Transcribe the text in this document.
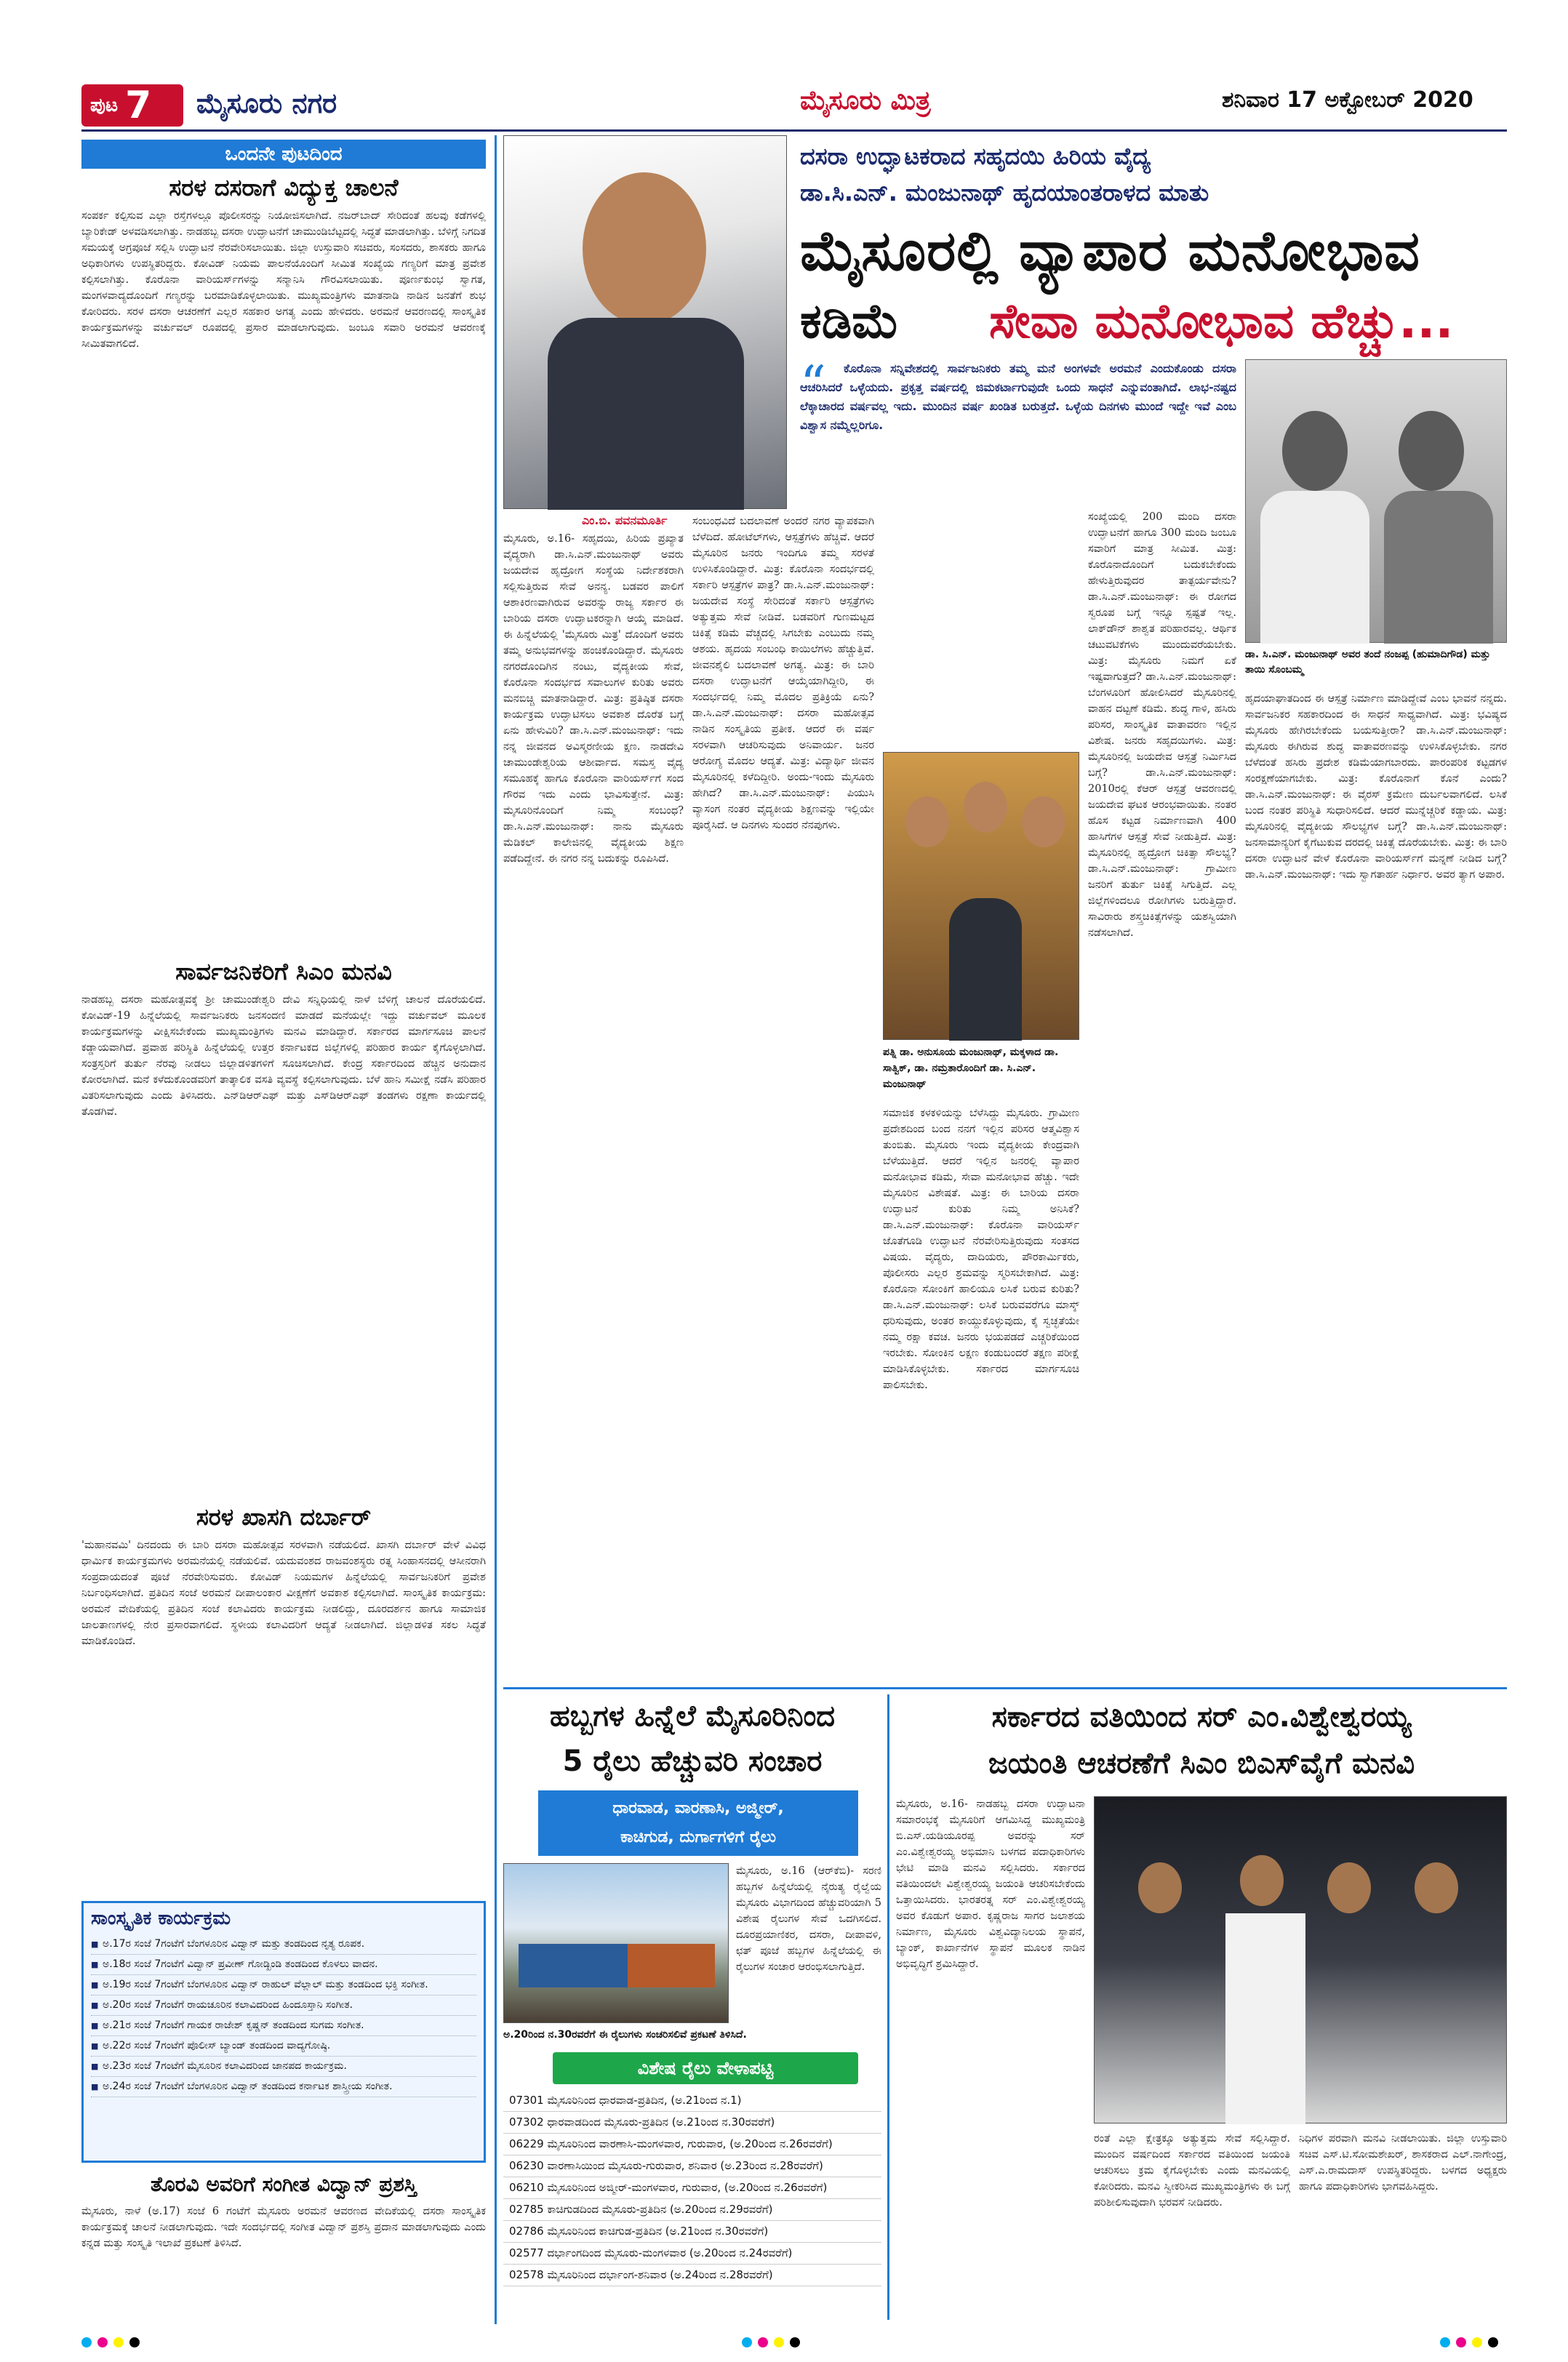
ಪುಟ 7 ಮೈಸೂರು ನಗರ	ಮೈಸೂರು ಮಿತ್ರ	ಶನಿವಾರ 17 ಅಕ್ಟೋಬರ್ 2020
ಒಂದನೇ ಪುಟದಿಂದ
ಸರಳ ದಸರಾಗೆ ವಿದ್ಯುಕ್ತ ಚಾಲನೆ
ಸಂಪರ್ಕ ಕಲ್ಪಿಸುವ ಎಲ್ಲಾ ರಸ್ತೆಗಳಲ್ಲೂ ಪೊಲೀಸರನ್ನು ನಿಯೋಜಿಸಲಾಗಿದೆ. ನಜರ್‌ಬಾದ್ ಸೇರಿದಂತೆ ಹಲವು ಕಡೆಗಳಲ್ಲಿ ಬ್ಯಾರಿಕೇಡ್ ಅಳವಡಿಸಲಾಗಿತ್ತು. ನಾಡಹಬ್ಬ ದಸರಾ ಉದ್ಘಾಟನೆಗೆ ಚಾಮುಂಡಿಬೆಟ್ಟದಲ್ಲಿ ಸಿದ್ಧತೆ ಮಾಡಲಾಗಿತ್ತು. ಬೆಳಿಗ್ಗೆ ನಿಗದಿತ ಸಮಯಕ್ಕೆ ಅಗ್ರಪೂಜೆ ಸಲ್ಲಿಸಿ ಉದ್ಘಾಟನೆ ನೆರವೇರಿಸಲಾಯಿತು. ಜಿಲ್ಲಾ ಉಸ್ತುವಾರಿ ಸಚಿವರು, ಸಂಸದರು, ಶಾಸಕರು ಹಾಗೂ ಅಧಿಕಾರಿಗಳು ಉಪಸ್ಥಿತರಿದ್ದರು. ಕೋವಿಡ್ ನಿಯಮ ಪಾಲನೆಯೊಂದಿಗೆ ಸೀಮಿತ ಸಂಖ್ಯೆಯ ಗಣ್ಯರಿಗೆ ಮಾತ್ರ ಪ್ರವೇಶ ಕಲ್ಪಿಸಲಾಗಿತ್ತು. ಕೊರೊನಾ ವಾರಿಯರ್ಸ್‌ಗಳನ್ನು ಸನ್ಮಾನಿಸಿ ಗೌರವಿಸಲಾಯಿತು. ಪೂರ್ಣಕುಂಭ ಸ್ವಾಗತ, ಮಂಗಳವಾದ್ಯದೊಂದಿಗೆ ಗಣ್ಯರನ್ನು ಬರಮಾಡಿಕೊಳ್ಳಲಾಯಿತು. ಮುಖ್ಯಮಂತ್ರಿಗಳು ಮಾತನಾಡಿ ನಾಡಿನ ಜನತೆಗೆ ಶುಭ ಕೋರಿದರು. ಸರಳ ದಸರಾ ಆಚರಣೆಗೆ ಎಲ್ಲರ ಸಹಕಾರ ಅಗತ್ಯ ಎಂದು ಹೇಳಿದರು. ಅರಮನೆ ಆವರಣದಲ್ಲಿ ಸಾಂಸ್ಕೃತಿಕ ಕಾರ್ಯಕ್ರಮಗಳನ್ನು ವರ್ಚುವಲ್ ರೂಪದಲ್ಲಿ ಪ್ರಸಾರ ಮಾಡಲಾಗುವುದು. ಜಂಬೂ ಸವಾರಿ ಅರಮನೆ ಆವರಣಕ್ಕೆ ಸೀಮಿತವಾಗಲಿದೆ.
ಸಾರ್ವಜನಿಕರಿಗೆ ಸಿಎಂ ಮನವಿ
ನಾಡಹಬ್ಬ ದಸರಾ ಮಹೋತ್ಸವಕ್ಕೆ ಶ್ರೀ ಚಾಮುಂಡೇಶ್ವರಿ ದೇವಿ ಸನ್ನಿಧಿಯಲ್ಲಿ ನಾಳೆ ಬೆಳಿಗ್ಗೆ ಚಾಲನೆ ದೊರೆಯಲಿದೆ. ಕೋವಿಡ್-19 ಹಿನ್ನೆಲೆಯಲ್ಲಿ ಸಾರ್ವಜನಿಕರು ಜನಸಂದಣಿ ಮಾಡದೆ ಮನೆಯಲ್ಲೇ ಇದ್ದು ವರ್ಚುವಲ್ ಮೂಲಕ ಕಾರ್ಯಕ್ರಮಗಳನ್ನು ವೀಕ್ಷಿಸಬೇಕೆಂದು ಮುಖ್ಯಮಂತ್ರಿಗಳು ಮನವಿ ಮಾಡಿದ್ದಾರೆ. ಸರ್ಕಾರದ ಮಾರ್ಗಸೂಚಿ ಪಾಲನೆ ಕಡ್ಡಾಯವಾಗಿದೆ. ಪ್ರವಾಹ ಪರಿಸ್ಥಿತಿ ಹಿನ್ನೆಲೆಯಲ್ಲಿ ಉತ್ತರ ಕರ್ನಾಟಕದ ಜಿಲ್ಲೆಗಳಲ್ಲಿ ಪರಿಹಾರ ಕಾರ್ಯ ಕೈಗೊಳ್ಳಲಾಗಿದೆ. ಸಂತ್ರಸ್ತರಿಗೆ ತುರ್ತು ನೆರವು ನೀಡಲು ಜಿಲ್ಲಾಡಳಿತಗಳಿಗೆ ಸೂಚಿಸಲಾಗಿದೆ. ಕೇಂದ್ರ ಸರ್ಕಾರದಿಂದ ಹೆಚ್ಚಿನ ಅನುದಾನ ಕೋರಲಾಗಿದೆ. ಮನೆ ಕಳೆದುಕೊಂಡವರಿಗೆ ತಾತ್ಕಾಲಿಕ ವಸತಿ ವ್ಯವಸ್ಥೆ ಕಲ್ಪಿಸಲಾಗುವುದು. ಬೆಳೆ ಹಾನಿ ಸಮೀಕ್ಷೆ ನಡೆಸಿ ಪರಿಹಾರ ವಿತರಿಸಲಾಗುವುದು ಎಂದು ತಿಳಿಸಿದರು. ಎನ್‌ಡಿಆರ್‌ಎಫ್ ಮತ್ತು ಎಸ್‌ಡಿಆರ್‌ಎಫ್ ತಂಡಗಳು ರಕ್ಷಣಾ ಕಾರ್ಯದಲ್ಲಿ ತೊಡಗಿವೆ.
ಸರಳ ಖಾಸಗಿ ದರ್ಬಾರ್
'ಮಹಾನವಮಿ' ದಿನದಂದು ಈ ಬಾರಿ ದಸರಾ ಮಹೋತ್ಸವ ಸರಳವಾಗಿ ನಡೆಯಲಿದೆ. ಖಾಸಗಿ ದರ್ಬಾರ್ ವೇಳೆ ವಿವಿಧ ಧಾರ್ಮಿಕ ಕಾರ್ಯಕ್ರಮಗಳು ಅರಮನೆಯಲ್ಲಿ ನಡೆಯಲಿವೆ. ಯದುವಂಶದ ರಾಜವಂಶಸ್ಥರು ರತ್ನ ಸಿಂಹಾಸನದಲ್ಲಿ ಆಸೀನರಾಗಿ ಸಂಪ್ರದಾಯದಂತೆ ಪೂಜೆ ನೆರವೇರಿಸುವರು. ಕೋವಿಡ್ ನಿಯಮಗಳ ಹಿನ್ನೆಲೆಯಲ್ಲಿ ಸಾರ್ವಜನಿಕರಿಗೆ ಪ್ರವೇಶ ನಿರ್ಬಂಧಿಸಲಾಗಿದೆ. ಪ್ರತಿದಿನ ಸಂಜೆ ಅರಮನೆ ದೀಪಾಲಂಕಾರ ವೀಕ್ಷಣೆಗೆ ಅವಕಾಶ ಕಲ್ಪಿಸಲಾಗಿದೆ. ಸಾಂಸ್ಕೃತಿಕ ಕಾರ್ಯಕ್ರಮ: ಅರಮನೆ ವೇದಿಕೆಯಲ್ಲಿ ಪ್ರತಿದಿನ ಸಂಜೆ ಕಲಾವಿದರು ಕಾರ್ಯಕ್ರಮ ನೀಡಲಿದ್ದು, ದೂರದರ್ಶನ ಹಾಗೂ ಸಾಮಾಜಿಕ ಜಾಲತಾಣಗಳಲ್ಲಿ ನೇರ ಪ್ರಸಾರವಾಗಲಿದೆ. ಸ್ಥಳೀಯ ಕಲಾವಿದರಿಗೆ ಆದ್ಯತೆ ನೀಡಲಾಗಿದೆ. ಜಿಲ್ಲಾಡಳಿತ ಸಕಲ ಸಿದ್ಧತೆ ಮಾಡಿಕೊಂಡಿದೆ.
ಸಾಂಸ್ಕೃತಿಕ ಕಾರ್ಯಕ್ರಮ
■ ಅ.17ರ ಸಂಜೆ 7ಗಂಟೆಗೆ ಬೆಂಗಳೂರಿನ ವಿದ್ವಾನ್ ಮತ್ತು ತಂಡದಿಂದ ನೃತ್ಯ ರೂಪಕ.
■ ಅ.18ರ ಸಂಜೆ 7ಗಂಟೆಗೆ ವಿದ್ವಾನ್ ಪ್ರವೀಣ್ ಗೋಡ್ಖಿಂಡಿ ತಂಡದಿಂದ ಕೊಳಲು ವಾದನ.
■ ಅ.19ರ ಸಂಜೆ 7ಗಂಟೆಗೆ ಬೆಂಗಳೂರಿನ ವಿದ್ವಾನ್ ರಾಹುಲ್ ವೆಲ್ಲಾಲ್ ಮತ್ತು ತಂಡದಿಂದ ಭಕ್ತಿ ಸಂಗೀತ.
■ ಅ.20ರ ಸಂಜೆ 7ಗಂಟೆಗೆ ರಾಯಚೂರಿನ ಕಲಾವಿದರಿಂದ ಹಿಂದೂಸ್ತಾನಿ ಸಂಗೀತ.
■ ಅ.21ರ ಸಂಜೆ 7ಗಂಟೆಗೆ ಗಾಯಕ ರಾಜೇಶ್ ಕೃಷ್ಣನ್ ತಂಡದಿಂದ ಸುಗಮ ಸಂಗೀತ.
■ ಅ.22ರ ಸಂಜೆ 7ಗಂಟೆಗೆ ಪೊಲೀಸ್ ಬ್ಯಾಂಡ್ ತಂಡದಿಂದ ವಾದ್ಯಗೋಷ್ಠಿ.
■ ಅ.23ರ ಸಂಜೆ 7ಗಂಟೆಗೆ ಮೈಸೂರಿನ ಕಲಾವಿದರಿಂದ ಜಾನಪದ ಕಾರ್ಯಕ್ರಮ.
■ ಅ.24ರ ಸಂಜೆ 7ಗಂಟೆಗೆ ಬೆಂಗಳೂರಿನ ವಿದ್ವಾನ್ ತಂಡದಿಂದ ಕರ್ನಾಟಕ ಶಾಸ್ತ್ರೀಯ ಸಂಗೀತ.
ತೊರವಿ ಅವರಿಗೆ ಸಂಗೀತ ವಿದ್ವಾನ್ ಪ್ರಶಸ್ತಿ
ಮೈಸೂರು, ನಾಳೆ (ಅ.17) ಸಂಜೆ 6 ಗಂಟೆಗೆ ಮೈಸೂರು ಅರಮನೆ ಆವರಣದ ವೇದಿಕೆಯಲ್ಲಿ ದಸರಾ ಸಾಂಸ್ಕೃತಿಕ ಕಾರ್ಯಕ್ರಮಕ್ಕೆ ಚಾಲನೆ ನೀಡಲಾಗುವುದು. ಇದೇ ಸಂದರ್ಭದಲ್ಲಿ ಸಂಗೀತ ವಿದ್ವಾನ್ ಪ್ರಶಸ್ತಿ ಪ್ರದಾನ ಮಾಡಲಾಗುವುದು ಎಂದು ಕನ್ನಡ ಮತ್ತು ಸಂಸ್ಕೃತಿ ಇಲಾಖೆ ಪ್ರಕಟಣೆ ತಿಳಿಸಿದೆ.
ದಸರಾ ಉದ್ಘಾಟಕರಾದ ಸಹೃದಯಿ ಹಿರಿಯ ವೈದ್ಯ
ಡಾ.ಸಿ.ಎನ್. ಮಂಜುನಾಥ್ ಹೃದಯಾಂತರಾಳದ ಮಾತು
ಮೈಸೂರಲ್ಲಿ ವ್ಯಾಪಾರ ಮನೋಭಾವ
ಕಡಿಮೆ ಸೇವಾ ಮನೋಭಾವ ಹೆಚ್ಚು...
“	ಕೊರೊನಾ ಸನ್ನಿವೇಶದಲ್ಲಿ ಸಾರ್ವಜನಿಕರು ತಮ್ಮ ಮನೆ ಅಂಗಳವೇ ಅರಮನೆ ಎಂದುಕೊಂಡು ದಸರಾ ಆಚರಿಸಿದರೆ ಒಳ್ಳೆಯದು. ಪ್ರಕೃತ್ತ ವರ್ಷದಲ್ಲಿ ಜಿಮಕರ್ಟಾಗುವುದೇ ಒಂದು ಸಾಧನೆ ಎನ್ನುವಂತಾಗಿದೆ. ಲಾಭ-ನಷ್ಟದ ಲೆಕ್ಕಾಚಾರದ ವರ್ಷವಲ್ಲ ಇದು. ಮುಂದಿನ ವರ್ಷ ಖಂಡಿತ ಬರುತ್ತದೆ. ಒಳ್ಳೆಯ ದಿನಗಳು ಮುಂದೆ ಇದ್ದೇ ಇವೆ ಎಂಬ ವಿಶ್ವಾಸ ನಮ್ಮೆಲ್ಲರಿಗೂ.
ಡಾ. ಸಿ.ಎನ್. ಮಂಜುನಾಥ್ ಅವರ ತಂದೆ ನಂಜಪ್ಪ (ಹುಮಾದಿಗೌಡ) ಮತ್ತು ತಾಯಿ ಸೊಂಬಮ್ಮ
ಎಂ.ಬಿ. ಪವನಮೂರ್ತಿ
ಮೈಸೂರು, ಅ.16- ಸಹೃದಯಿ, ಹಿರಿಯ ಪ್ರಖ್ಯಾತ ವೈದ್ಯರಾಗಿ ಡಾ.ಸಿ.ಎನ್.ಮಂಜುನಾಥ್ ಅವರು ಜಯದೇವ ಹೃದ್ರೋಗ ಸಂಸ್ಥೆಯ ನಿರ್ದೇಶಕರಾಗಿ ಸಲ್ಲಿಸುತ್ತಿರುವ ಸೇವೆ ಅನನ್ಯ. ಬಡವರ ಪಾಲಿಗೆ ಆಶಾಕಿರಣವಾಗಿರುವ ಅವರನ್ನು ರಾಜ್ಯ ಸರ್ಕಾರ ಈ ಬಾರಿಯ ದಸರಾ ಉದ್ಘಾಟಕರನ್ನಾಗಿ ಆಯ್ಕೆ ಮಾಡಿದೆ. ಈ ಹಿನ್ನೆಲೆಯಲ್ಲಿ 'ಮೈಸೂರು ಮಿತ್ರ' ದೊಂದಿಗೆ ಅವರು ತಮ್ಮ ಅನುಭವಗಳನ್ನು ಹಂಚಿಕೊಂಡಿದ್ದಾರೆ. ಮೈಸೂರು ನಗರದೊಂದಿಗಿನ ನಂಟು, ವೈದ್ಯಕೀಯ ಸೇವೆ, ಕೊರೊನಾ ಸಂದರ್ಭದ ಸವಾಲುಗಳ ಕುರಿತು ಅವರು ಮನಬಿಚ್ಚಿ ಮಾತನಾಡಿದ್ದಾರೆ. ಮಿತ್ರ: ಪ್ರತಿಷ್ಠಿತ ದಸರಾ ಕಾರ್ಯಕ್ರಮ ಉದ್ಘಾಟಿಸಲು ಅವಕಾಶ ದೊರೆತ ಬಗ್ಗೆ ಏನು ಹೇಳುವಿರಿ? ಡಾ.ಸಿ.ಎನ್.ಮಂಜುನಾಥ್: ಇದು ನನ್ನ ಜೀವನದ ಅವಿಸ್ಮರಣೀಯ ಕ್ಷಣ. ನಾಡದೇವಿ ಚಾಮುಂಡೇಶ್ವರಿಯ ಆಶೀರ್ವಾದ. ಸಮಸ್ತ ವೈದ್ಯ ಸಮೂಹಕ್ಕೆ ಹಾಗೂ ಕೊರೊನಾ ವಾರಿಯರ್ಸ್‌ಗೆ ಸಂದ ಗೌರವ ಇದು ಎಂದು ಭಾವಿಸುತ್ತೇನೆ. ಮಿತ್ರ: ಮೈಸೂರಿನೊಂದಿಗೆ ನಿಮ್ಮ ಸಂಬಂಧ? ಡಾ.ಸಿ.ಎನ್.ಮಂಜುನಾಥ್: ನಾನು ಮೈಸೂರು ಮೆಡಿಕಲ್ ಕಾಲೇಜಿನಲ್ಲಿ ವೈದ್ಯಕೀಯ ಶಿಕ್ಷಣ ಪಡೆದಿದ್ದೇನೆ. ಈ ನಗರ ನನ್ನ ಬದುಕನ್ನು ರೂಪಿಸಿದೆ.
ಸಂಬಂಧವಿದೆ ಬದಲಾವಣೆ ಅಂದರೆ ನಗರ ವ್ಯಾಪಕವಾಗಿ ಬೆಳೆದಿದೆ. ಹೋಟೆಲ್‌ಗಳು, ಆಸ್ಪತ್ರೆಗಳು ಹೆಚ್ಚಿವೆ. ಆದರೆ ಮೈಸೂರಿನ ಜನರು ಇಂದಿಗೂ ತಮ್ಮ ಸರಳತೆ ಉಳಿಸಿಕೊಂಡಿದ್ದಾರೆ. ಮಿತ್ರ: ಕೊರೊನಾ ಸಂದರ್ಭದಲ್ಲಿ ಸರ್ಕಾರಿ ಆಸ್ಪತ್ರೆಗಳ ಪಾತ್ರ? ಡಾ.ಸಿ.ಎನ್.ಮಂಜುನಾಥ್: ಜಯದೇವ ಸಂಸ್ಥೆ ಸೇರಿದಂತೆ ಸರ್ಕಾರಿ ಆಸ್ಪತ್ರೆಗಳು ಅತ್ಯುತ್ತಮ ಸೇವೆ ನೀಡಿವೆ. ಬಡವರಿಗೆ ಗುಣಮಟ್ಟದ ಚಿಕಿತ್ಸೆ ಕಡಿಮೆ ವೆಚ್ಚದಲ್ಲಿ ಸಿಗಬೇಕು ಎಂಬುದು ನಮ್ಮ ಆಶಯ. ಹೃದಯ ಸಂಬಂಧಿ ಕಾಯಿಲೆಗಳು ಹೆಚ್ಚುತ್ತಿವೆ. ಜೀವನಶೈಲಿ ಬದಲಾವಣೆ ಅಗತ್ಯ. ಮಿತ್ರ: ಈ ಬಾರಿ ದಸರಾ ಉದ್ಘಾಟನೆಗೆ ಆಯ್ಕೆಯಾಗಿದ್ದೀರಿ, ಈ ಸಂದರ್ಭದಲ್ಲಿ ನಿಮ್ಮ ಮೊದಲ ಪ್ರತಿಕ್ರಿಯೆ ಏನು? ಡಾ.ಸಿ.ಎನ್.ಮಂಜುನಾಥ್: ದಸರಾ ಮಹೋತ್ಸವ ನಾಡಿನ ಸಂಸ್ಕೃತಿಯ ಪ್ರತೀಕ. ಆದರೆ ಈ ವರ್ಷ ಸರಳವಾಗಿ ಆಚರಿಸುವುದು ಅನಿವಾರ್ಯ. ಜನರ ಆರೋಗ್ಯ ಮೊದಲ ಆದ್ಯತೆ. ಮಿತ್ರ: ವಿದ್ಯಾರ್ಥಿ ಜೀವನ ಮೈಸೂರಿನಲ್ಲಿ ಕಳೆದಿದ್ದೀರಿ. ಅಂದು-ಇಂದು ಮೈಸೂರು ಹೇಗಿದೆ? ಡಾ.ಸಿ.ಎನ್.ಮಂಜುನಾಥ್: ಪಿಯುಸಿ ವ್ಯಾಸಂಗ ನಂತರ ವೈದ್ಯಕೀಯ ಶಿಕ್ಷಣವನ್ನು ಇಲ್ಲಿಯೇ ಪೂರೈಸಿದೆ. ಆ ದಿನಗಳು ಸುಂದರ ನೆನಪುಗಳು.
ಪತ್ನಿ ಡಾ. ಅನುಸೂಯ ಮಂಜುನಾಥ್, ಮಕ್ಕಳಾದ ಡಾ. ಸಾತ್ವಿಕ್, ಡಾ. ನಮ್ರತಾರೊಂದಿಗೆ ಡಾ. ಸಿ.ಎನ್. ಮಂಜುನಾಥ್
ಸಮಾಜಿಕ ಕಳಕಳಿಯನ್ನು ಬೆಳೆಸಿದ್ದು ಮೈಸೂರು. ಗ್ರಾಮೀಣ ಪ್ರದೇಶದಿಂದ ಬಂದ ನನಗೆ ಇಲ್ಲಿನ ಪರಿಸರ ಆತ್ಮವಿಶ್ವಾಸ ತುಂಬಿತು. ಮೈಸೂರು ಇಂದು ವೈದ್ಯಕೀಯ ಕೇಂದ್ರವಾಗಿ ಬೆಳೆಯುತ್ತಿದೆ. ಆದರೆ ಇಲ್ಲಿನ ಜನರಲ್ಲಿ ವ್ಯಾಪಾರ ಮನೋಭಾವ ಕಡಿಮೆ, ಸೇವಾ ಮನೋಭಾವ ಹೆಚ್ಚು. ಇದೇ ಮೈಸೂರಿನ ವಿಶೇಷತೆ. ಮಿತ್ರ: ಈ ಬಾರಿಯ ದಸರಾ ಉದ್ಘಾಟನೆ ಕುರಿತು ನಿಮ್ಮ ಅನಿಸಿಕೆ? ಡಾ.ಸಿ.ಎನ್.ಮಂಜುನಾಥ್: ಕೊರೊನಾ ವಾರಿಯರ್ಸ್ ಜೊತೆಗೂಡಿ ಉದ್ಘಾಟನೆ ನೆರವೇರಿಸುತ್ತಿರುವುದು ಸಂತಸದ ವಿಷಯ. ವೈದ್ಯರು, ದಾದಿಯರು, ಪೌರಕಾರ್ಮಿಕರು, ಪೊಲೀಸರು ಎಲ್ಲರ ಶ್ರಮವನ್ನು ಸ್ಮರಿಸಬೇಕಾಗಿದೆ. ಮಿತ್ರ: ಕೊರೊನಾ ಸೋಂಕಿಗೆ ಹಾಲಿಯೂ ಲಸಿಕೆ ಬರುವ ಕುರಿತು? ಡಾ.ಸಿ.ಎನ್.ಮಂಜುನಾಥ್: ಲಸಿಕೆ ಬರುವವರೆಗೂ ಮಾಸ್ಕ್ ಧರಿಸುವುದು, ಅಂತರ ಕಾಯ್ದುಕೊಳ್ಳುವುದು, ಕೈ ಸ್ವಚ್ಛತೆಯೇ ನಮ್ಮ ರಕ್ಷಾ ಕವಚ. ಜನರು ಭಯಪಡದೆ ಎಚ್ಚರಿಕೆಯಿಂದ ಇರಬೇಕು. ಸೋಂಕಿನ ಲಕ್ಷಣ ಕಂಡುಬಂದರೆ ತಕ್ಷಣ ಪರೀಕ್ಷೆ ಮಾಡಿಸಿಕೊಳ್ಳಬೇಕು. ಸರ್ಕಾರದ ಮಾರ್ಗಸೂಚಿ ಪಾಲಿಸಬೇಕು.
ಸಂಖ್ಯೆಯಲ್ಲಿ 200 ಮಂದಿ ದಸರಾ ಉದ್ಘಾಟನೆಗೆ ಹಾಗೂ 300 ಮಂದಿ ಜಂಬೂ ಸವಾರಿಗೆ ಮಾತ್ರ ಸೀಮಿತ. ಮಿತ್ರ: ಕೊರೊನಾದೊಂದಿಗೆ ಬದುಕಬೇಕೆಂದು ಹೇಳುತ್ತಿರುವುದರ ತಾತ್ಪರ್ಯವೇನು? ಡಾ.ಸಿ.ಎನ್.ಮಂಜುನಾಥ್: ಈ ರೋಗದ ಸ್ವರೂಪ ಬಗ್ಗೆ ಇನ್ನೂ ಸ್ಪಷ್ಟತೆ ಇಲ್ಲ. ಲಾಕ್‌ಡೌನ್ ಶಾಶ್ವತ ಪರಿಹಾರವಲ್ಲ. ಆರ್ಥಿಕ ಚಟುವಟಿಕೆಗಳು ಮುಂದುವರೆಯಬೇಕು. ಮಿತ್ರ: ಮೈಸೂರು ನಿಮಗೆ ಏಕೆ ಇಷ್ಟವಾಗುತ್ತದೆ? ಡಾ.ಸಿ.ಎನ್.ಮಂಜುನಾಥ್: ಬೆಂಗಳೂರಿಗೆ ಹೋಲಿಸಿದರೆ ಮೈಸೂರಿನಲ್ಲಿ ವಾಹನ ದಟ್ಟಣೆ ಕಡಿಮೆ. ಶುದ್ಧ ಗಾಳಿ, ಹಸಿರು ಪರಿಸರ, ಸಾಂಸ್ಕೃತಿಕ ವಾತಾವರಣ ಇಲ್ಲಿನ ವಿಶೇಷ. ಜನರು ಸಹೃದಯಿಗಳು. ಮಿತ್ರ: ಮೈಸೂರಿನಲ್ಲಿ ಜಯದೇವ ಆಸ್ಪತ್ರೆ ನಿರ್ಮಿಸಿದ ಬಗ್ಗೆ? ಡಾ.ಸಿ.ಎನ್.ಮಂಜುನಾಥ್: 2010ರಲ್ಲಿ ಕೆಆರ್ ಆಸ್ಪತ್ರೆ ಆವರಣದಲ್ಲಿ ಜಯದೇವ ಘಟಕ ಆರಂಭವಾಯಿತು. ನಂತರ ಹೊಸ ಕಟ್ಟಡ ನಿರ್ಮಾಣವಾಗಿ 400 ಹಾಸಿಗೆಗಳ ಆಸ್ಪತ್ರೆ ಸೇವೆ ನೀಡುತ್ತಿದೆ. ಮಿತ್ರ: ಮೈಸೂರಿನಲ್ಲಿ ಹೃದ್ರೋಗ ಚಿಕಿತ್ಸಾ ಸೌಲಭ್ಯ? ಡಾ.ಸಿ.ಎನ್.ಮಂಜುನಾಥ್: ಗ್ರಾಮೀಣ ಜನರಿಗೆ ತುರ್ತು ಚಿಕಿತ್ಸೆ ಸಿಗುತ್ತಿದೆ. ಎಲ್ಲ ಜಿಲ್ಲೆಗಳಿಂದಲೂ ರೋಗಿಗಳು ಬರುತ್ತಿದ್ದಾರೆ. ಸಾವಿರಾರು ಶಸ್ತ್ರಚಿಕಿತ್ಸೆಗಳನ್ನು ಯಶಸ್ವಿಯಾಗಿ ನಡೆಸಲಾಗಿದೆ.
ಹೃದಯಾಘಾತದಿಂದ ಈ ಆಸ್ಪತ್ರೆ ನಿರ್ಮಾಣ ಮಾಡಿದ್ದೇವೆ ಎಂಬ ಭಾವನೆ ನನ್ನದು. ಸಾರ್ವಜನಿಕರ ಸಹಕಾರದಿಂದ ಈ ಸಾಧನೆ ಸಾಧ್ಯವಾಗಿದೆ. ಮಿತ್ರ: ಭವಿಷ್ಯದ ಮೈಸೂರು ಹೇಗಿರಬೇಕೆಂದು ಬಯಸುತ್ತೀರಾ? ಡಾ.ಸಿ.ಎನ್.ಮಂಜುನಾಥ್: ಮೈಸೂರು ಈಗಿರುವ ಶುದ್ಧ ವಾತಾವರಣವನ್ನು ಉಳಿಸಿಕೊಳ್ಳಬೇಕು. ನಗರ ಬೆಳೆದಂತೆ ಹಸಿರು ಪ್ರದೇಶ ಕಡಿಮೆಯಾಗಬಾರದು. ಪಾರಂಪರಿಕ ಕಟ್ಟಡಗಳ ಸಂರಕ್ಷಣೆಯಾಗಬೇಕು. ಮಿತ್ರ: ಕೊರೊನಾಗೆ ಕೊನೆ ಎಂದು? ಡಾ.ಸಿ.ಎನ್.ಮಂಜುನಾಥ್: ಈ ವೈರಸ್ ಕ್ರಮೇಣ ದುರ್ಬಲವಾಗಲಿದೆ. ಲಸಿಕೆ ಬಂದ ನಂತರ ಪರಿಸ್ಥಿತಿ ಸುಧಾರಿಸಲಿದೆ. ಆದರೆ ಮುನ್ನೆಚ್ಚರಿಕೆ ಕಡ್ಡಾಯ. ಮಿತ್ರ: ಮೈಸೂರಿನಲ್ಲಿ ವೈದ್ಯಕೀಯ ಸೌಲಭ್ಯಗಳ ಬಗ್ಗೆ? ಡಾ.ಸಿ.ಎನ್.ಮಂಜುನಾಥ್: ಜನಸಾಮಾನ್ಯರಿಗೆ ಕೈಗೆಟುಕುವ ದರದಲ್ಲಿ ಚಿಕಿತ್ಸೆ ದೊರೆಯಬೇಕು. ಮಿತ್ರ: ಈ ಬಾರಿ ದಸರಾ ಉದ್ಘಾಟನೆ ವೇಳೆ ಕೊರೊನಾ ವಾರಿಯರ್ಸ್‌ಗೆ ಮನ್ನಣೆ ನೀಡಿದ ಬಗ್ಗೆ? ಡಾ.ಸಿ.ಎನ್.ಮಂಜುನಾಥ್: ಇದು ಸ್ವಾಗತಾರ್ಹ ನಿರ್ಧಾರ. ಅವರ ತ್ಯಾಗ ಅಪಾರ.
ಹಬ್ಬಗಳ ಹಿನ್ನೆಲೆ ಮೈಸೂರಿನಿಂದ
5 ರೈಲು ಹೆಚ್ಚುವರಿ ಸಂಚಾರ
ಧಾರವಾಡ, ವಾರಣಾಸಿ, ಅಜ್ಮೀರ್,
ಕಾಚಿಗುಡ, ದುರ್ಗಾಗಳಿಗೆ ರೈಲು
ಮೈಸೂರು, ಅ.16 (ಆರ್‌ಕೆಬಿ)- ಸರಣಿ ಹಬ್ಬಗಳ ಹಿನ್ನೆಲೆಯಲ್ಲಿ ನೈರುತ್ಯ ರೈಲ್ವೆಯ ಮೈಸೂರು ವಿಭಾಗದಿಂದ ಹೆಚ್ಚುವರಿಯಾಗಿ 5 ವಿಶೇಷ ರೈಲುಗಳ ಸೇವೆ ಒದಗಿಸಲಿದೆ. ದೂರಪ್ರಯಾಣಿಕರ, ದಸರಾ, ದೀಪಾವಳಿ, ಛತ್ ಪೂಜೆ ಹಬ್ಬಗಳ ಹಿನ್ನೆಲೆಯಲ್ಲಿ ಈ ರೈಲುಗಳ ಸಂಚಾರ ಆರಂಭಿಸಲಾಗುತ್ತಿದೆ.
ಅ.20ರಿಂದ ನ.30ರವರೆಗೆ ಈ ರೈಲುಗಳು ಸಂಚರಿಸಲಿವೆ ಪ್ರಕಟಣೆ ತಿಳಿಸಿದೆ.
ವಿಶೇಷ ರೈಲು ವೇಳಾಪಟ್ಟಿ
07301 ಮೈಸೂರಿನಿಂದ ಧಾರವಾಡ-ಪ್ರತಿದಿನ, (ಅ.21ರಿಂದ ನ.1)
07302 ಧಾರವಾಡದಿಂದ ಮೈಸೂರು-ಪ್ರತಿದಿನ (ಅ.21ರಿಂದ ನ.30ರವರೆಗೆ)
06229 ಮೈಸೂರಿನಿಂದ ವಾರಣಾಸಿ-ಮಂಗಳವಾರ, ಗುರುವಾರ, (ಅ.20ರಿಂದ ನ.26ರವರೆಗೆ)
06230 ವಾರಣಾಸಿಯಿಂದ ಮೈಸೂರು-ಗುರುವಾರ, ಶನಿವಾರ (ಅ.23ರಿಂದ ನ.28ರವರೆಗೆ)
06210 ಮೈಸೂರಿನಿಂದ ಅಜ್ಮೀರ್-ಮಂಗಳವಾರ, ಗುರುವಾರ, (ಅ.20ರಿಂದ ನ.26ರವರೆಗೆ)
02785 ಕಾಚಿಗುಡದಿಂದ ಮೈಸೂರು-ಪ್ರತಿದಿನ (ಅ.20ರಿಂದ ನ.29ರವರೆಗೆ)
02786 ಮೈಸೂರಿನಿಂದ ಕಾಚಿಗುಡ-ಪ್ರತಿದಿನ (ಅ.21ರಿಂದ ನ.30ರವರೆಗೆ)
02577 ದರ್ಭಾಂಗದಿಂದ ಮೈಸೂರು-ಮಂಗಳವಾರ (ಅ.20ರಿಂದ ನ.24ರವರೆಗೆ)
02578 ಮೈಸೂರಿನಿಂದ ದರ್ಭಾಂಗ-ಶನಿವಾರ (ಅ.24ರಿಂದ ನ.28ರವರೆಗೆ)
ಸರ್ಕಾರದ ವತಿಯಿಂದ ಸರ್ ಎಂ.ವಿಶ್ವೇಶ್ವರಯ್ಯ
ಜಯಂತಿ ಆಚರಣೆಗೆ ಸಿಎಂ ಬಿಎಸ್‌ವೈಗೆ ಮನವಿ
ಮೈಸೂರು, ಅ.16- ನಾಡಹಬ್ಬ ದಸರಾ ಉದ್ಘಾಟನಾ ಸಮಾರಂಭಕ್ಕೆ ಮೈಸೂರಿಗೆ ಆಗಮಿಸಿದ್ದ ಮುಖ್ಯಮಂತ್ರಿ ಬಿ.ಎಸ್.ಯಡಿಯೂರಪ್ಪ ಅವರನ್ನು ಸರ್ ಎಂ.ವಿಶ್ವೇಶ್ವರಯ್ಯ ಅಭಿಮಾನಿ ಬಳಗದ ಪದಾಧಿಕಾರಿಗಳು ಭೇಟಿ ಮಾಡಿ ಮನವಿ ಸಲ್ಲಿಸಿದರು. ಸರ್ಕಾರದ ವತಿಯಿಂದಲೇ ವಿಶ್ವೇಶ್ವರಯ್ಯ ಜಯಂತಿ ಆಚರಿಸಬೇಕೆಂದು ಒತ್ತಾಯಿಸಿದರು. ಭಾರತರತ್ನ ಸರ್ ಎಂ.ವಿಶ್ವೇಶ್ವರಯ್ಯ ಅವರ ಕೊಡುಗೆ ಅಪಾರ. ಕೃಷ್ಣರಾಜ ಸಾಗರ ಜಲಾಶಯ ನಿರ್ಮಾಣ, ಮೈಸೂರು ವಿಶ್ವವಿದ್ಯಾನಿಲಯ ಸ್ಥಾಪನೆ, ಬ್ಯಾಂಕ್, ಕಾರ್ಖಾನೆಗಳ ಸ್ಥಾಪನೆ ಮೂಲಕ ನಾಡಿನ ಅಭಿವೃದ್ಧಿಗೆ ಶ್ರಮಿಸಿದ್ದಾರೆ.
ರಂತೆ ಎಲ್ಲಾ ಕ್ಷೇತ್ರಕ್ಕೂ ಅತ್ಯುತ್ತಮ ಸೇವೆ ಸಲ್ಲಿಸಿದ್ದಾರೆ. ಮುಂದಿನ ವರ್ಷದಿಂದ ಸರ್ಕಾರದ ವತಿಯಿಂದ ಜಯಂತಿ ಆಚರಿಸಲು ಕ್ರಮ ಕೈಗೊಳ್ಳಬೇಕು ಎಂದು ಮನವಿಯಲ್ಲಿ ಕೋರಿದರು. ಮನವಿ ಸ್ವೀಕರಿಸಿದ ಮುಖ್ಯಮಂತ್ರಿಗಳು ಈ ಬಗ್ಗೆ ಪರಿಶೀಲಿಸುವುದಾಗಿ ಭರವಸೆ ನೀಡಿದರು.
ನಿಧಿಗಳ ಪರವಾಗಿ ಮನವಿ ನೀಡಲಾಯಿತು. ಜಿಲ್ಲಾ ಉಸ್ತುವಾರಿ ಸಚಿವ ಎಸ್.ಟಿ.ಸೋಮಶೇಖರ್, ಶಾಸಕರಾದ ಎಲ್.ನಾಗೇಂದ್ರ, ಎಸ್.ಎ.ರಾಮದಾಸ್ ಉಪಸ್ಥಿತರಿದ್ದರು. ಬಳಗದ ಅಧ್ಯಕ್ಷರು ಹಾಗೂ ಪದಾಧಿಕಾರಿಗಳು ಭಾಗವಹಿಸಿದ್ದರು.
